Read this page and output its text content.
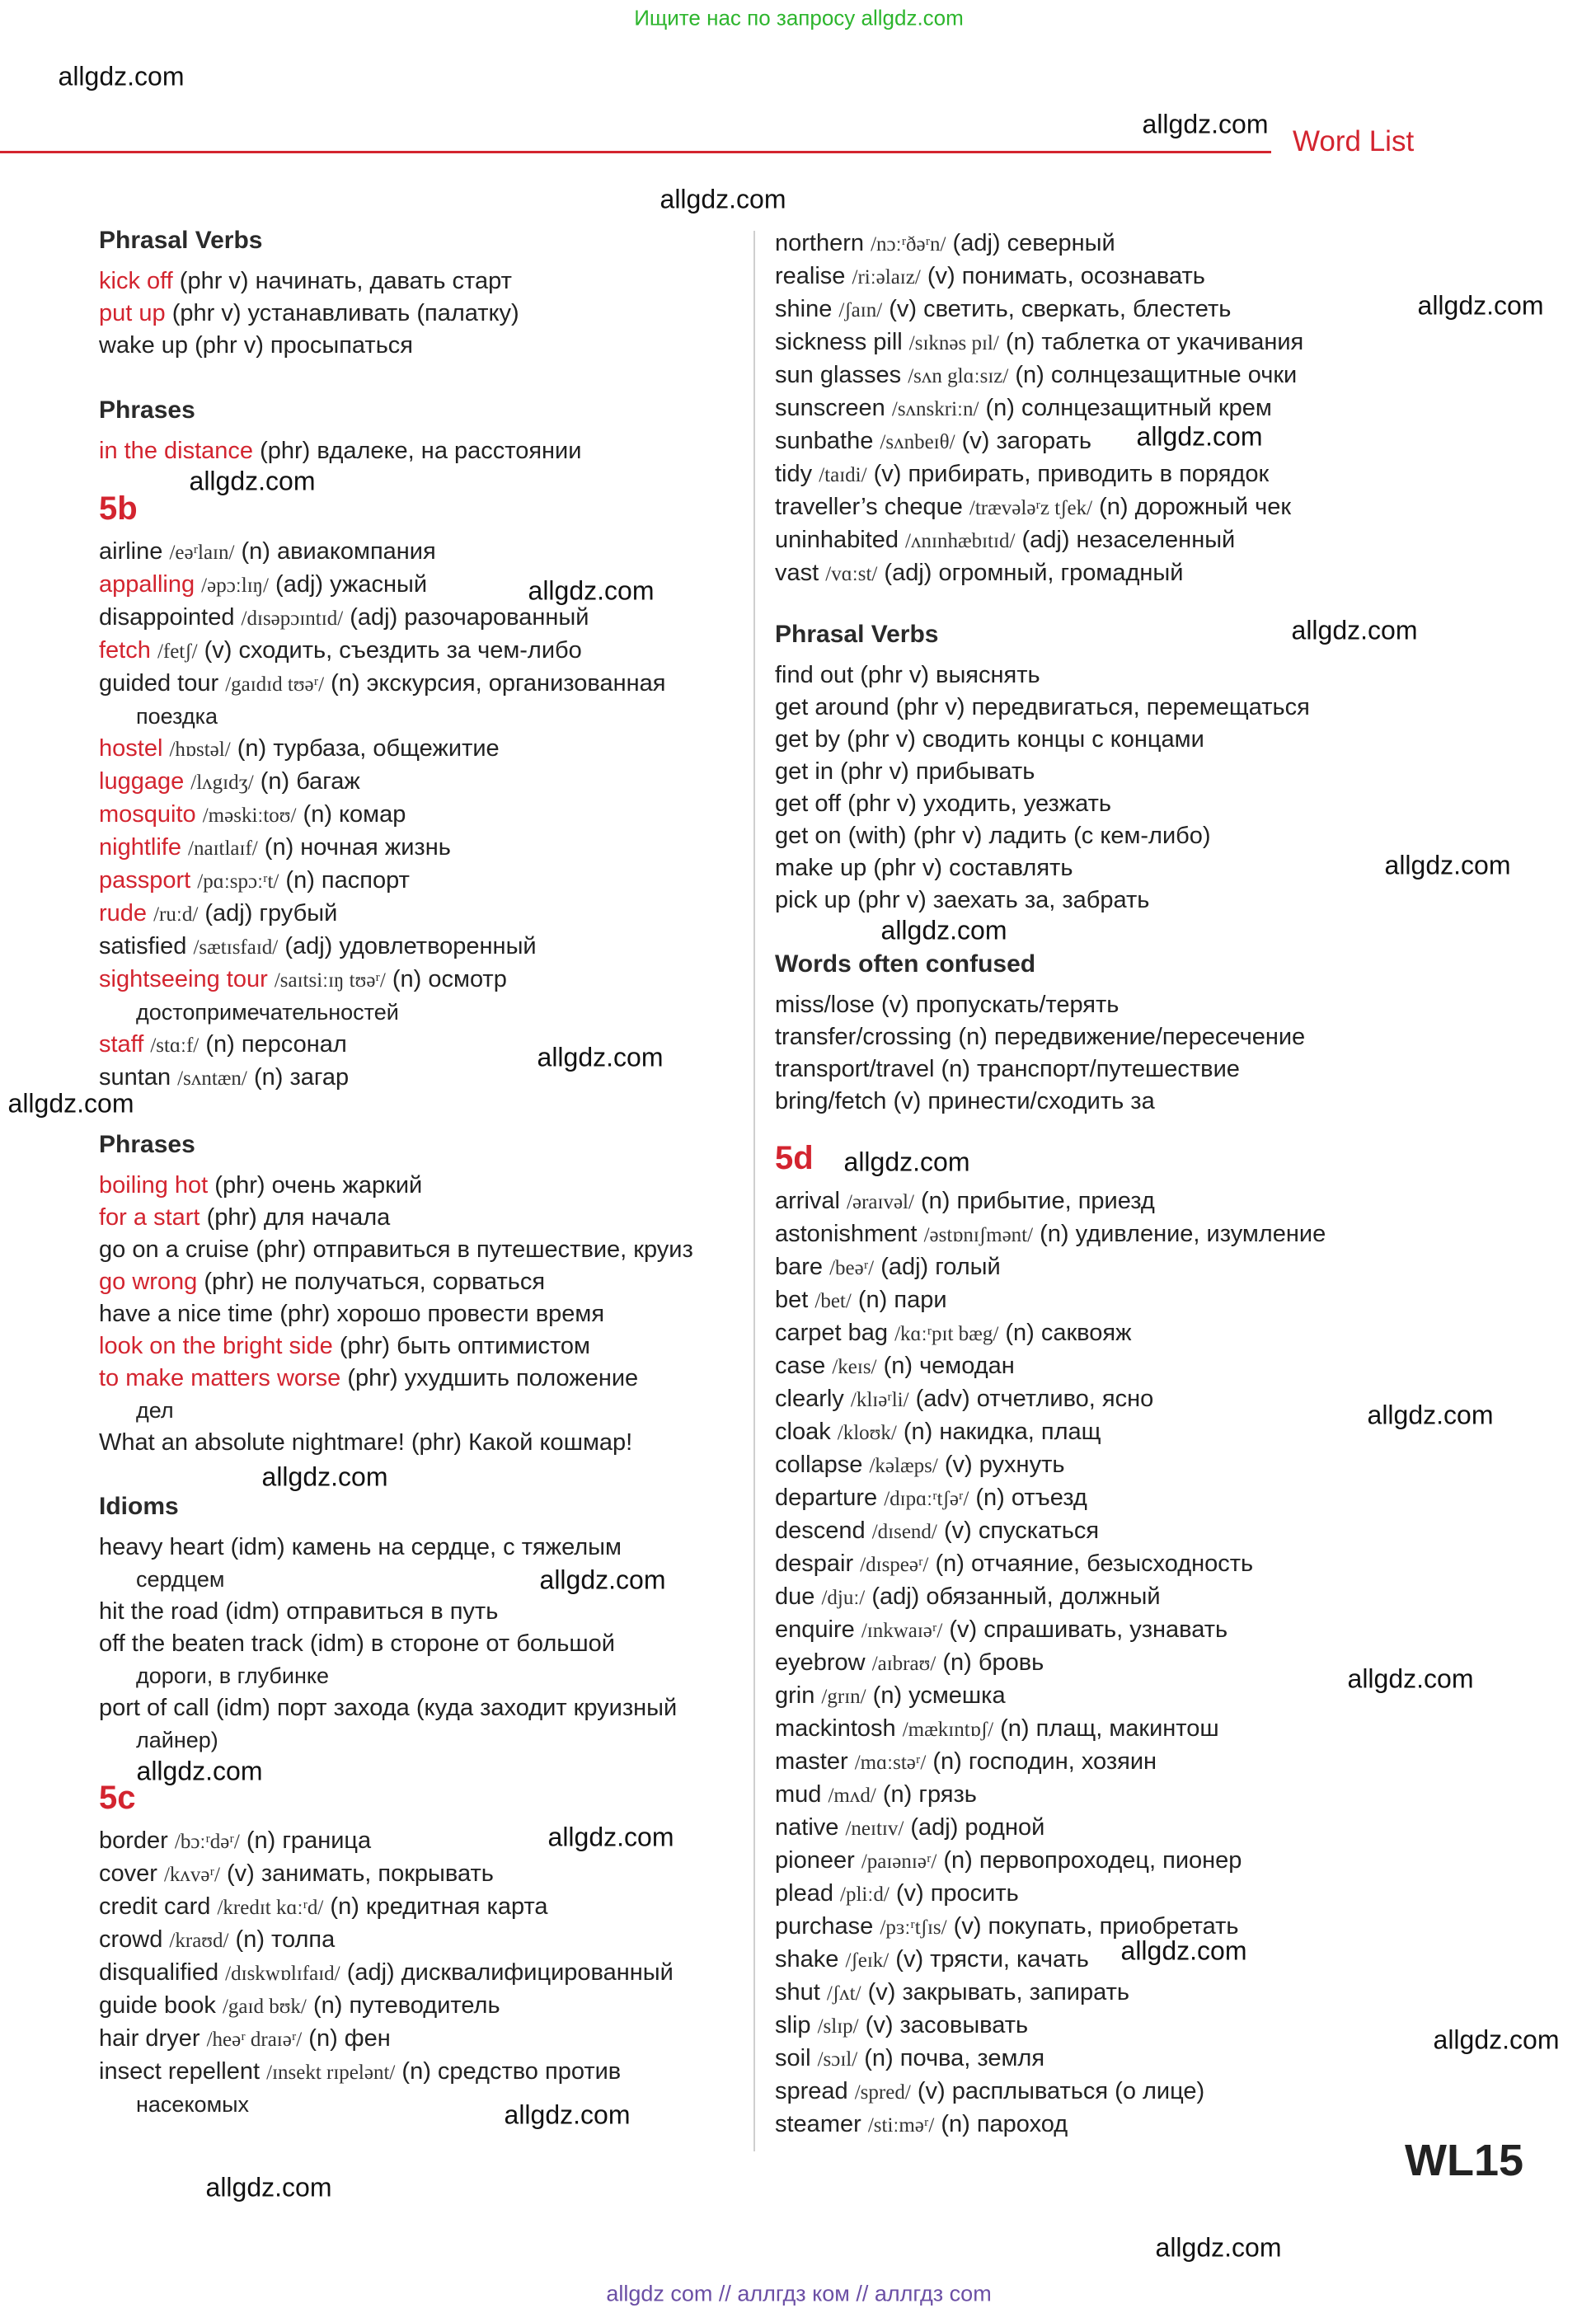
Ищите нас по запросу allgdz.com
Word List
Phrasal Verbs
kick off (phr v) начинать, давать старт
put up (phr v) устанавливать (палатку)
wake up (phr v) просыпаться
Phrases
in the distance (phr) вдалеке, на расстоянии
5b
airline /eəʳlaɪn/ (n) авиакомпания
appalling /əpɔːlɪŋ/ (adj) ужасный
disappointed /dɪsəpɔɪntɪd/ (adj) разочарованный
fetch /fetʃ/ (v) сходить, съездить за чем-либо
guided tour /gaɪdɪd tʊəʳ/ (n) экскурсия, организованная
поездка
hostel /hɒstəl/ (n) турбаза, общежитие
luggage /lʌgɪdʒ/ (n) багаж
mosquito /məskiːtoʊ/ (n) комар
nightlife /naɪtlaɪf/ (n) ночная жизнь
passport /pɑːspɔːʳt/ (n) паспорт
rude /ruːd/ (adj) грубый
satisfied /sætɪsfaɪd/ (adj) удовлетворенный
sightseeing tour /saɪtsiːɪŋ tʊəʳ/ (n) осмотр
достопримечательностей
staff /stɑːf/ (n) персонал
suntan /sʌntæn/ (n) загар
Phrases
boiling hot (phr) очень жаркий
for a start (phr) для начала
go on a cruise (phr) отправиться в путешествие, круиз
go wrong (phr) не получаться, сорваться
have a nice time (phr) хорошо провести время
look on the bright side (phr) быть оптимистом
to make matters worse (phr) ухудшить положение
дел
What an absolute nightmare! (phr) Какой кошмар!
Idioms
heavy heart (idm) камень на сердце, с тяжелым
сердцем
hit the road (idm) отправиться в путь
off the beaten track (idm) в стороне от большой
дороги, в глубинке
port of call (idm) порт захода (куда заходит круизный
лайнер)
5c
border /bɔːʳdəʳ/ (n) граница
cover /kʌvəʳ/ (v) занимать, покрывать
credit card /kredɪt kɑːʳd/ (n) кредитная карта
crowd /kraʊd/ (n) толпа
disqualified /dɪskwɒlɪfaɪd/ (adj) дисквалифицированный
guide book /gaɪd bʊk/ (n) путеводитель
hair dryer /heəʳ draɪəʳ/ (n) фен
insect repellent /ɪnsekt rɪpelənt/ (n) средство против
насекомых
northern /nɔːʳðəʳn/ (adj) северный
realise /riːəlaɪz/ (v) понимать, осознавать
shine /ʃaɪn/ (v) светить, сверкать, блестеть
sickness pill /sɪknəs pɪl/ (n) таблетка от укачивания
sun glasses /sʌn glɑːsɪz/ (n) солнцезащитные очки
sunscreen /sʌnskriːn/ (n) солнцезащитный крем
sunbathe /sʌnbeɪθ/ (v) загорать
tidy /taɪdi/ (v) прибирать, приводить в порядок
traveller’s cheque /trævələʳz tʃek/ (n) дорожный чек
uninhabited /ʌnɪnhæbɪtɪd/ (adj) незаселенный
vast /vɑːst/ (adj) огромный, громадный
Phrasal Verbs
find out (phr v) выяснять
get around (phr v) передвигаться, перемещаться
get by (phr v) сводить концы с концами
get in (phr v) прибывать
get off (phr v) уходить, уезжать
get on (with) (phr v) ладить (с кем-либо)
make up (phr v) составлять
pick up (phr v) заехать за, забрать
Words often confused
miss/lose (v) пропускать/терять
transfer/crossing (n) передвижение/пересечение
transport/travel (n) транспорт/путешествие
bring/fetch (v) принести/сходить за
5d
arrival /əraɪvəl/ (n) прибытие, приезд
astonishment /əstɒnɪʃmənt/ (n) удивление, изумление
bare /beəʳ/ (adj) голый
bet /bet/ (n) пари
carpet bag /kɑːʳpɪt bæg/ (n) саквояж
case /keɪs/ (n) чемодан
clearly /klɪəʳli/ (adv) отчетливо, ясно
cloak /kloʊk/ (n) накидка, плащ
collapse /kəlæps/ (v) рухнуть
departure /dɪpɑːʳtʃəʳ/ (n) отъезд
descend /dɪsend/ (v) спускаться
despair /dɪspeəʳ/ (n) отчаяние, безысходность
due /djuː/ (adj) обязанный, должный
enquire /ɪnkwaɪəʳ/ (v) спрашивать, узнавать
eyebrow /aɪbraʊ/ (n) бровь
grin /grɪn/ (n) усмешка
mackintosh /mækɪntɒʃ/ (n) плащ, макинтош
master /mɑːstəʳ/ (n) господин, хозяин
mud /mʌd/ (n) грязь
native /neɪtɪv/ (adj) родной
pioneer /paɪənɪəʳ/ (n) первопроходец, пионер
plead /pliːd/ (v) просить
purchase /pɜːʳtʃɪs/ (v) покупать, приобретать
shake /ʃeɪk/ (v) трясти, качать
shut /ʃʌt/ (v) закрывать, запирать
slip /slɪp/ (v) засовывать
soil /sɔɪl/ (n) почва, земля
spread /spred/ (v) расплываться (о лице)
steamer /stiːməʳ/ (n) пароход
WL15
allgdz com // аллгдз ком // аллгдз com
allgdz.com
allgdz.com
allgdz.com
allgdz.com
allgdz.com
allgdz.com
allgdz.com
allgdz.com
allgdz.com
allgdz.com
allgdz.com
allgdz.com
allgdz.com
allgdz.com
allgdz.com
allgdz.com
allgdz.com
allgdz.com
allgdz.com
allgdz.com
allgdz.com
allgdz.com
allgdz.com
allgdz.com
